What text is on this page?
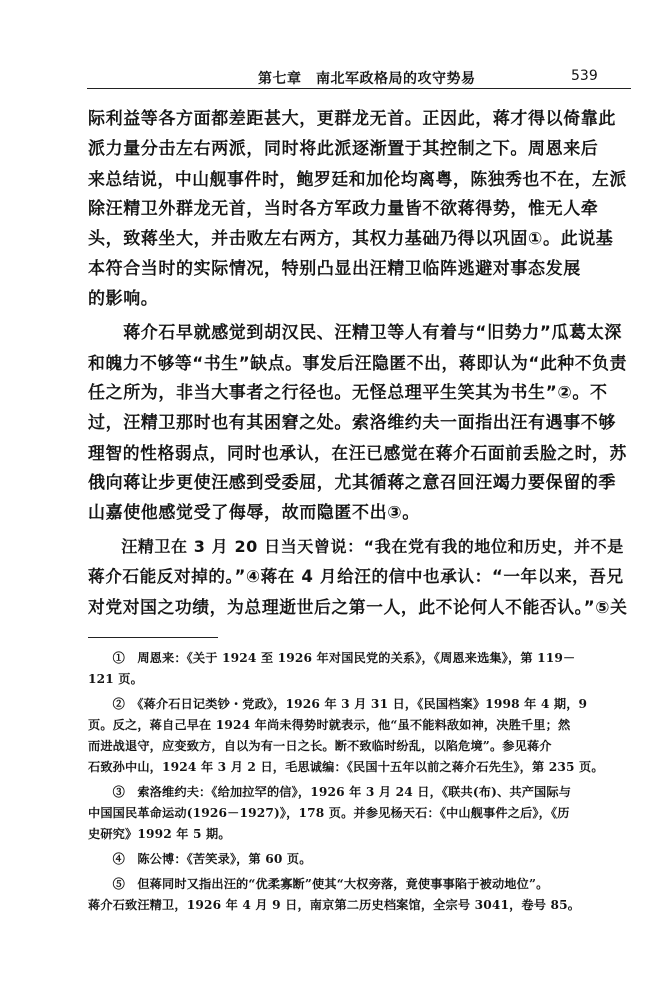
第七章　南北军政格局的攻守势易	539
际利益等各方面都差距甚大，更群龙无首。正因此，蒋才得以倚靠此
派力量分击左右两派，同时将此派逐渐置于其控制之下。周恩来后
来总结说，中山舰事件时，鲍罗廷和加伦均离粤，陈独秀也不在，左派
除汪精卫外群龙无首，当时各方军政力量皆不欲蒋得势，惟无人牵
头，致蒋坐大，并击败左右两方，其权力基础乃得以巩固①。此说基
本符合当时的实际情况，特别凸显出汪精卫临阵逃避对事态发展
的影响。
　　蒋介石早就感觉到胡汉民、汪精卫等人有着与“旧势力”瓜葛太深
和魄力不够等“书生”缺点。事发后汪隐匿不出，蒋即认为“此种不负责
任之所为，非当大事者之行径也。无怪总理平生笑其为书生”②。不
过，汪精卫那时也有其困窘之处。索洛维约夫一面指出汪有遇事不够
理智的性格弱点，同时也承认，在汪已感觉在蒋介石面前丢脸之时，苏
俄向蒋让步更使汪感到受委屈，尤其循蒋之意召回汪竭力要保留的季
山嘉使他感觉受了侮辱，故而隐匿不出③。
　　汪精卫在 3 月 20 日当天曾说：“我在党有我的地位和历史，并不是
蒋介石能反对掉的。”④蒋在 4 月给汪的信中也承认：“一年以来，吾兄
对党对国之功绩，为总理逝世后之第一人，此不论何人不能否认。”⑤关
　　①　周恩来：《关于 1924 至 1926 年对国民党的关系》，《周恩来选集》，第 119－
121 页。
　　②　《蒋介石日记类钞・党政》，1926 年 3 月 31 日，《民国档案》1998 年 4 期，9
页。反之，蒋自己早在 1924 年尚未得势时就表示，他“虽不能料敌如神，决胜千里；然
而进战退守，应变致方，自以为有一日之长。断不致临时纷乱，以陷危境”。参见蒋介
石致孙中山，1924 年 3 月 2 日，毛思诚编：《民国十五年以前之蒋介石先生》，第 235 页。
　　③　索洛维约夫：《给加拉罕的信》，1926 年 3 月 24 日，《联共(布)、共产国际与
中国国民革命运动(1926－1927)》，178 页。并参见杨天石：《中山舰事件之后》，《历
史研究》1992 年 5 期。
　　④　陈公博：《苦笑录》，第 60 页。
　　⑤　但蒋同时又指出汪的“优柔寡断”使其“大权旁落，竟使事事陷于被动地位”。
蒋介石致汪精卫，1926 年 4 月 9 日，南京第二历史档案馆，全宗号 3041，卷号 85。
